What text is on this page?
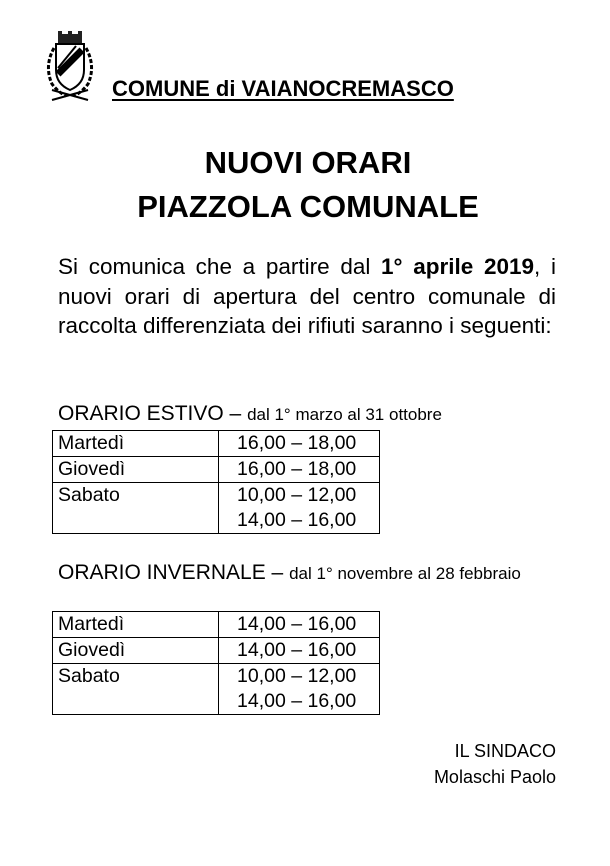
COMUNE di VAIANOCREMASCO
NUOVI ORARI
PIAZZOLA COMUNALE
Si comunica che a partire dal 1° aprile 2019, i nuovi orari di apertura del centro comunale di raccolta differenziata dei rifiuti saranno i seguenti:
ORARIO ESTIVO – dal 1° marzo al 31 ottobre
Martedì	16,00 – 18,00

Giovedì	16,00 – 18,00

Sabato	10,00 – 12,00
14,00 – 16,00
ORARIO INVERNALE – dal 1° novembre al 28 febbraio
Martedì	14,00 – 16,00

Giovedì	14,00 – 16,00

Sabato	10,00 – 12,00
14,00 – 16,00
IL SINDACO
Molaschi Paolo
